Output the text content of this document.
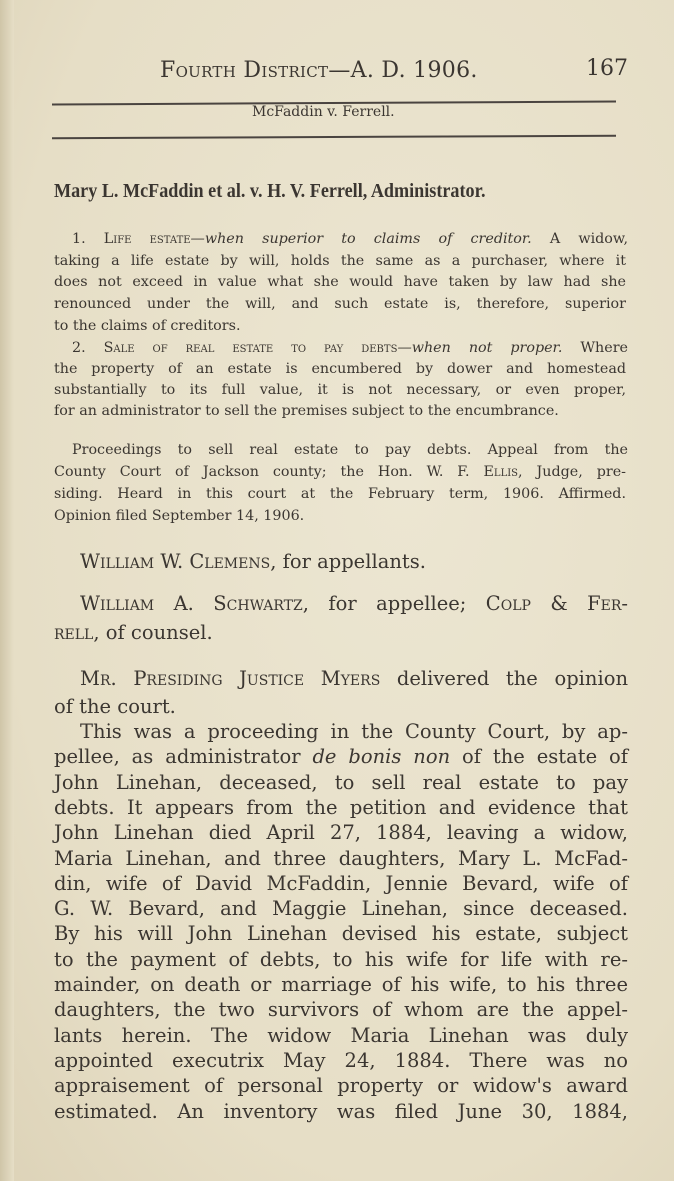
Fourth District—A. D. 1906.	167
McFaddin v. Ferrell.
Mary L. McFaddin et al. v. H. V. Ferrell, Administrator.
1. Life estate—when superior to claims of creditor. A widow,
taking a life estate by will, holds the same as a purchaser, where it
does not exceed in value what she would have taken by law had she
renounced under the will, and such estate is, therefore, superior
to the claims of creditors.
2. Sale of real estate to pay debts—when not proper. Where
the property of an estate is encumbered by dower and homestead
substantially to its full value, it is not necessary, or even proper,
for an administrator to sell the premises subject to the encumbrance.
Proceedings to sell real estate to pay debts. Appeal from the
County Court of Jackson county; the Hon. W. F. Ellis, Judge, pre-
siding. Heard in this court at the February term, 1906. Affirmed.
Opinion filed September 14, 1906.
William W. Clemens, for appellants.
William A. Schwartz, for appellee; Colp & Fer-
rell, of counsel.
Mr. Presiding Justice Myers delivered the opinion
of the court.
This was a proceeding in the County Court, by ap-
pellee, as administrator de bonis non of the estate of
John Linehan, deceased, to sell real estate to pay
debts. It appears from the petition and evidence that
John Linehan died April 27, 1884, leaving a widow,
Maria Linehan, and three daughters, Mary L. McFad-
din, wife of David McFaddin, Jennie Bevard, wife of
G. W. Bevard, and Maggie Linehan, since deceased.
By his will John Linehan devised his estate, subject
to the payment of debts, to his wife for life with re-
mainder, on death or marriage of his wife, to his three
daughters, the two survivors of whom are the appel-
lants herein. The widow Maria Linehan was duly
appointed executrix May 24, 1884. There was no
appraisement of personal property or widow's award
estimated. An inventory was filed June 30, 1884,
